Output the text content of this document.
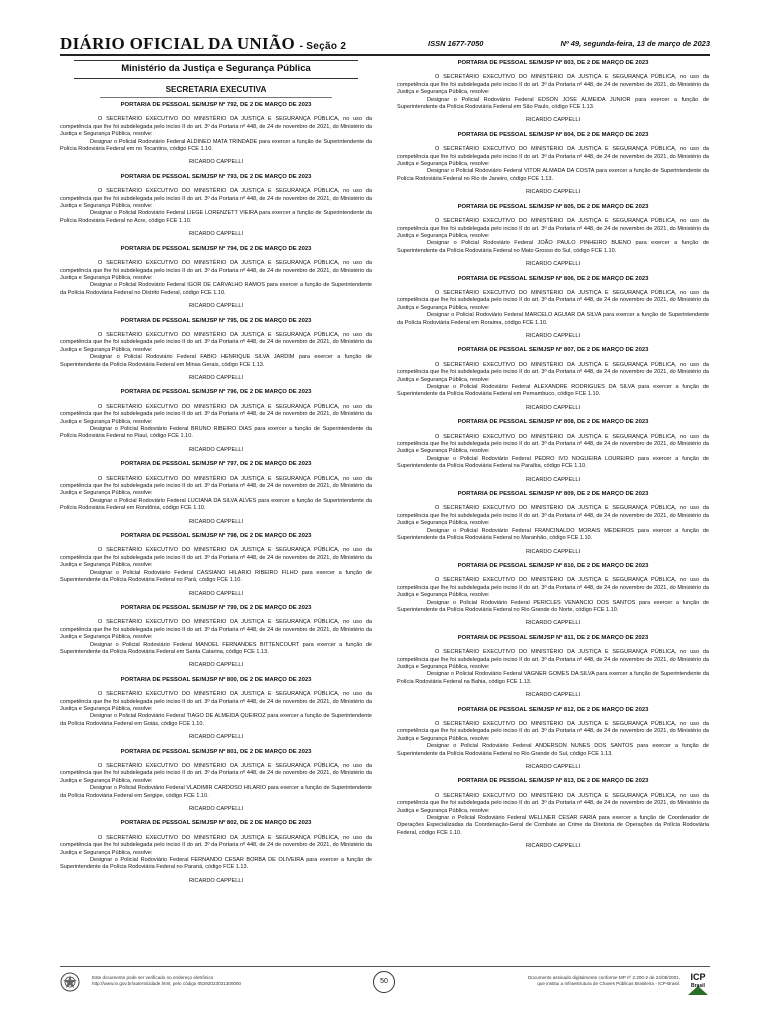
DIÁRIO OFICIAL DA UNIÃO - Seção 2	ISSN 1677-7050	Nº 49, segunda-feira, 13 de março de 2023
Ministério da Justiça e Segurança Pública
SECRETARIA EXECUTIVA
PORTARIA DE PESSOAL SE/MJSP Nº 792, DE 2 DE MARÇO DE 2023

O SECRETÁRIO EXECUTIVO DO MINISTÉRIO DA JUSTIÇA E SEGURANÇA PÚBLICA, no uso da competência que lhe foi subdelegada pelo inciso II do art. 3º da Portaria nº 448, de 24 de novembro de 2021, do Ministério da Justiça e Segurança Pública, resolve:

Designar o Policial Rodoviário Federal ALDINEO MATA TRINDADE para exercer a função de Superintendente da Polícia Rodoviária Federal em no Tocantins, código FCE 1.10.

RICARDO CAPPELLI
PORTARIA DE PESSOAL SE/MJSP Nº 793, DE 2 DE MARÇO DE 2023

O SECRETÁRIO EXECUTIVO DO MINISTÉRIO DA JUSTIÇA E SEGURANÇA PÚBLICA, no uso da competência que lhe foi subdelegada pelo inciso II do art. 3º da Portaria nº 448, de 24 de novembro de 2021, do Ministério da Justiça e Segurança Pública, resolve:

Designar o Policial Rodoviário Federal LIEGE LORENZETT VIEIRA para exercer a função de Superintendente da Polícia Rodoviária Federal no Acre, código FCE 1.10.

RICARDO CAPPELLI
PORTARIA DE PESSOAL SE/MJSP Nº 794, DE 2 DE MARÇO DE 2023

O SECRETÁRIO EXECUTIVO DO MINISTÉRIO DA JUSTIÇA E SEGURANÇA PÚBLICA, no uso da competência que lhe foi subdelegada pelo inciso II do art. 3º da Portaria nº 448, de 24 de novembro de 2021, do Ministério da Justiça e Segurança Pública, resolve:

Designar o Policial Rodoviário Federal IGOR DE CARVALHO RAMOS para exercer a função de Superintendente da Polícia Rodoviária Federal no Distrito Federal, código FCE 1.10.

RICARDO CAPPELLI
PORTARIA DE PESSOAL SE/MJSP Nº 795, DE 2 DE MARÇO DE 2023

O SECRETÁRIO EXECUTIVO DO MINISTÉRIO DA JUSTIÇA E SEGURANÇA PÚBLICA, no uso da competência que lhe foi subdelegada pelo inciso II do art. 3º da Portaria nº 448, de 24 de novembro de 2021, do Ministério da Justiça e Segurança Pública, resolve:

Designar o Policial Rodoviário Federal FABIO HENRIQUE SILVA JARDIM para exercer a função de Superintendente da Polícia Rodoviária Federal em Minas Gerais, código FCE 1.13.

RICARDO CAPPELLI
PORTARIA DE PESSOAL SE/MJSP Nº 796, DE 2 DE MARÇO DE 2023

O SECRETÁRIO EXECUTIVO DO MINISTÉRIO DA JUSTIÇA E SEGURANÇA PÚBLICA, no uso da competência que lhe foi subdelegada pelo inciso II do art. 3º da Portaria nº 448, de 24 de novembro de 2021, do Ministério da Justiça e Segurança Pública, resolve:

Designar o Policial Rodoviário Federal BRUNO RIBEIRO DIAS para exercer a função de Superintendente da Polícia Rodoviária Federal no Piauí, código FCE 1.10.

RICARDO CAPPELLI
PORTARIA DE PESSOAL SE/MJSP Nº 797, DE 2 DE MARÇO DE 2023

O SECRETÁRIO EXECUTIVO DO MINISTÉRIO DA JUSTIÇA E SEGURANÇA PÚBLICA, no uso da competência que lhe foi subdelegada pelo inciso II do art. 3º da Portaria nº 448, de 24 de novembro de 2021, do Ministério da Justiça e Segurança Pública, resolve:

Designar o Policial Rodoviário Federal LUCIANA DA SILVA ALVES para exercer a função de Superintendente da Polícia Rodoviária Federal em Rondônia, código FCE 1.10.

RICARDO CAPPELLI
PORTARIA DE PESSOAL SE/MJSP Nº 798, DE 2 DE MARÇO DE 2023

O SECRETÁRIO EXECUTIVO DO MINISTÉRIO DA JUSTIÇA E SEGURANÇA PÚBLICA, no uso da competência que lhe foi subdelegada pelo inciso II do art. 3º da Portaria nº 448, de 24 de novembro de 2021, do Ministério da Justiça e Segurança Pública, resolve:

Designar o Policial Rodoviário Federal CASSIANO HILARIO RIBEIRO FILHO para exercer a função de Superintendente da Polícia Rodoviária Federal no Pará, código FCE 1.10.

RICARDO CAPPELLI
PORTARIA DE PESSOAL SE/MJSP Nº 799, DE 2 DE MARÇO DE 2023

O SECRETÁRIO EXECUTIVO DO MINISTÉRIO DA JUSTIÇA E SEGURANÇA PÚBLICA, no uso da competência que lhe foi subdelegada pelo inciso II do art. 3º da Portaria nº 448, de 24 de novembro de 2021, do Ministério da Justiça e Segurança Pública, resolve:

Designar o Policial Rodoviário Federal MANOEL FERNANDES BITTENCOURT para exercer a função de Superintendente da Polícia Rodoviária Federal em Santa Catarina, código FCE 1.13.

RICARDO CAPPELLI
PORTARIA DE PESSOAL SE/MJSP Nº 800, DE 2 DE MARÇO DE 2023

O SECRETÁRIO EXECUTIVO DO MINISTÉRIO DA JUSTIÇA E SEGURANÇA PÚBLICA, no uso da competência que lhe foi subdelegada pelo inciso II do art. 3º da Portaria nº 448, de 24 de novembro de 2021, do Ministério da Justiça e Segurança Pública, resolve:

Designar o Policial Rodoviário Federal TIAGO DE ALMEIDA QUEIROZ para exercer a função de Superintendente da Polícia Rodoviária Federal em Goiás, código FCE 1.10.

RICARDO CAPPELLI
PORTARIA DE PESSOAL SE/MJSP Nº 801, DE 2 DE MARÇO DE 2023

O SECRETÁRIO EXECUTIVO DO MINISTÉRIO DA JUSTIÇA E SEGURANÇA PÚBLICA, no uso da competência que lhe foi subdelegada pelo inciso II do art. 3º da Portaria nº 448, de 24 de novembro de 2021, do Ministério da Justiça e Segurança Pública, resolve:

Designar o Policial Rodoviário Federal VLADIMIR CARDOSO HILARIO para exercer a função de Superintendente da Polícia Rodoviária Federal em Sergipe, código FCE 1.10.

RICARDO CAPPELLI
PORTARIA DE PESSOAL SE/MJSP Nº 802, DE 2 DE MARÇO DE 2023

O SECRETÁRIO EXECUTIVO DO MINISTÉRIO DA JUSTIÇA E SEGURANÇA PÚBLICA, no uso da competência que lhe foi subdelegada pelo inciso II do art. 3º da Portaria nº 448, de 24 de novembro de 2021, do Ministério da Justiça e Segurança Pública, resolve:

Designar o Policial Rodoviário Federal FERNANDO CESAR BORBA DE OLIVEIRA para exercer a função de Superintendente da Polícia Rodoviária Federal no Paraná, código FCE 1.13.

RICARDO CAPPELLI
PORTARIA DE PESSOAL SE/MJSP Nº 803, DE 2 DE MARÇO DE 2023

O SECRETÁRIO EXECUTIVO DO MINISTÉRIO DA JUSTIÇA E SEGURANÇA PÚBLICA, no uso da competência que lhe foi subdelegada pelo inciso II do art. 3º da Portaria nº 448, de 24 de novembro de 2021, do Ministério da Justiça e Segurança Pública, resolve:

Designar o Policial Rodoviário Federal EDSON JOSE ALMEIDA JUNIOR para exercer a função de Superintendente da Polícia Rodoviária Federal em São Paulo, código FCE 1.13.

RICARDO CAPPELLI
PORTARIA DE PESSOAL SE/MJSP Nº 804, DE 2 DE MARÇO DE 2023

O SECRETÁRIO EXECUTIVO DO MINISTÉRIO DA JUSTIÇA E SEGURANÇA PÚBLICA, no uso da competência que lhe foi subdelegada pelo inciso II do art. 3º da Portaria nº 448, de 24 de novembro de 2021, do Ministério da Justiça e Segurança Pública, resolve:

Designar o Policial Rodoviário Federal VITOR ALMADA DA COSTA para exercer a função de Superintendente da Polícia Rodoviária Federal no Rio de Janeiro, código FCE 1.13.

RICARDO CAPPELLI
PORTARIA DE PESSOAL SE/MJSP Nº 805, DE 2 DE MARÇO DE 2023

O SECRETÁRIO EXECUTIVO DO MINISTÉRIO DA JUSTIÇA E SEGURANÇA PÚBLICA, no uso da competência que lhe foi subdelegada pelo inciso II do art. 3º da Portaria nº 448, de 24 de novembro de 2021, do Ministério da Justiça e Segurança Pública, resolve:

Designar o Policial Rodoviário Federal JOÃO PAULO PINHEIRO BUENO para exercer a função de Superintendente da Polícia Rodoviária Federal no Mato Grosso do Sul, código FCE 1.10.

RICARDO CAPPELLI
PORTARIA DE PESSOAL SE/MJSP Nº 806, DE 2 DE MARÇO DE 2023

O SECRETÁRIO EXECUTIVO DO MINISTÉRIO DA JUSTIÇA E SEGURANÇA PÚBLICA, no uso da competência que lhe foi subdelegada pelo inciso II do art. 3º da Portaria nº 448, de 24 de novembro de 2021, do Ministério da Justiça e Segurança Pública, resolve:

Designar o Policial Rodoviário Federal MARCELO AGUIAR DA SILVA para exercer a função de Superintendente da Polícia Rodoviária Federal em Roraima, código FCE 1.10.

RICARDO CAPPELLI
PORTARIA DE PESSOAL SE/MJSP Nº 807, DE 2 DE MARÇO DE 2023

O SECRETÁRIO EXECUTIVO DO MINISTÉRIO DA JUSTIÇA E SEGURANÇA PÚBLICA, no uso da competência que lhe foi subdelegada pelo inciso II do art. 3º da Portaria nº 448, de 24 de novembro de 2021, do Ministério da Justiça e Segurança Pública, resolve:

Designar o Policial Rodoviário Federal ALEXANDRE RODRIGUES DA SILVA para exercer a função de Superintendente da Polícia Rodoviária Federal em Pernambuco, código FCE 1.10.

RICARDO CAPPELLI
PORTARIA DE PESSOAL SE/MJSP Nº 808, DE 2 DE MARÇO DE 2023

O SECRETÁRIO EXECUTIVO DO MINISTÉRIO DA JUSTIÇA E SEGURANÇA PÚBLICA, no uso da competência que lhe foi subdelegada pelo inciso II do art. 3º da Portaria nº 448, de 24 de novembro de 2021, do Ministério da Justiça e Segurança Pública, resolve:

Designar o Policial Rodoviário Federal PEDRO IVO NOGUEIRA LOUREIRO para exercer a função de Superintendente da Polícia Rodoviária Federal na Paraíba, código FCE 1.10.

RICARDO CAPPELLI
PORTARIA DE PESSOAL SE/MJSP Nº 809, DE 2 DE MARÇO DE 2023

O SECRETÁRIO EXECUTIVO DO MINISTÉRIO DA JUSTIÇA E SEGURANÇA PÚBLICA, no uso da competência que lhe foi subdelegada pelo inciso II do art. 3º da Portaria nº 448, de 24 de novembro de 2021, do Ministério da Justiça e Segurança Pública, resolve:

Designar o Policial Rodoviário Federal FRANCINALDO MORAIS MEDEIROS para exercer a função de Superintendente da Polícia Rodoviária Federal no Maranhão, código FCE 1.10.

RICARDO CAPPELLI
PORTARIA DE PESSOAL SE/MJSP Nº 810, DE 2 DE MARÇO DE 2023

O SECRETÁRIO EXECUTIVO DO MINISTÉRIO DA JUSTIÇA E SEGURANÇA PÚBLICA, no uso da competência que lhe foi subdelegada pelo inciso II do art. 3º da Portaria nº 448, de 24 de novembro de 2021, do Ministério da Justiça e Segurança Pública, resolve:

Designar o Policial Rodoviário Federal PERICLES VENANCIO DOS SANTOS para exercer a função de Superintendente da Polícia Rodoviária Federal no Rio Grande do Norte, código FCE 1.10.

RICARDO CAPPELLI
PORTARIA DE PESSOAL SE/MJSP Nº 811, DE 2 DE MARÇO DE 2023

O SECRETÁRIO EXECUTIVO DO MINISTÉRIO DA JUSTIÇA E SEGURANÇA PÚBLICA, no uso da competência que lhe foi subdelegada pelo inciso II do art. 3º da Portaria nº 448, de 24 de novembro de 2021, do Ministério da Justiça e Segurança Pública, resolve:

Designar o Policial Rodoviário Federal VAGNER GOMES DA SILVA para exercer a função de Superintendente da Polícia Rodoviária Federal na Bahia, código FCE 1.13.

RICARDO CAPPELLI
PORTARIA DE PESSOAL SE/MJSP Nº 812, DE 2 DE MARÇO DE 2023

O SECRETÁRIO EXECUTIVO DO MINISTÉRIO DA JUSTIÇA E SEGURANÇA PÚBLICA, no uso da competência que lhe foi subdelegada pelo inciso II do art. 3º da Portaria nº 448, de 24 de novembro de 2021, do Ministério da Justiça e Segurança Pública, resolve:

Designar o Policial Rodoviário Federal ANDERSON NUNES DOS SANTOS para exercer a função de Superintendente da Polícia Rodoviária Federal no Rio Grande do Sul, código FCE 1.13.

RICARDO CAPPELLI
PORTARIA DE PESSOAL SE/MJSP Nº 813, DE 2 DE MARÇO DE 2023

O SECRETÁRIO EXECUTIVO DO MINISTÉRIO DA JUSTIÇA E SEGURANÇA PÚBLICA, no uso da competência que lhe foi subdelegada pelo inciso II do art. 3º da Portaria nº 448, de 24 de novembro de 2021, do Ministério da Justiça e Segurança Pública, resolve:

Designar o Policial Rodoviário Federal WELLNER CESAR FARIA para exercer a função de Coordenador de Operações Especializadas da Coordenação-Geral de Combate ao Crime da Diretoria de Operações da Polícia Rodoviária Federal, código FCE 1.10.

RICARDO CAPPELLI
Este documento pode ser verificado no endereço eletrônico
http://www.in.gov.br/autenticidade.html, pelo código 05292023031300050	50
Documento assinado digitalmente conforme MP nº 2.200-2 de 24/08/2001,
que institui a Infraestrutura de Chaves Públicas Brasileira - ICP-Brasil.
ICP
Brasil
